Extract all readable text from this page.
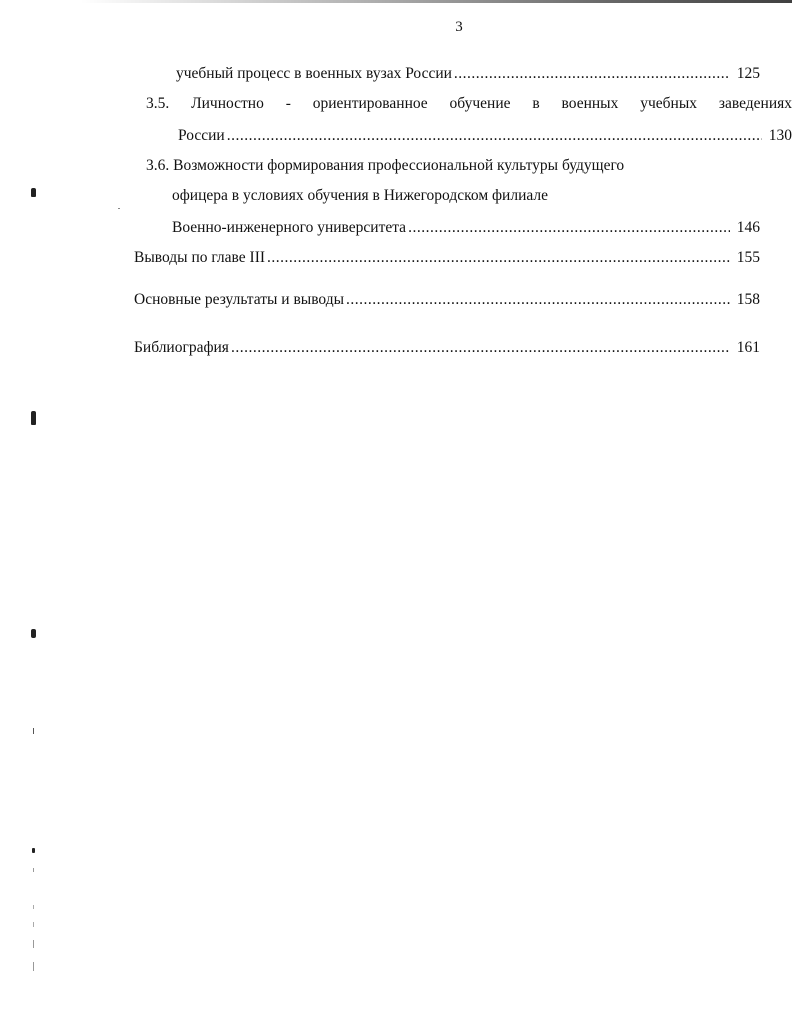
3
учебный процесс в военных вузах России .....	125
3.5. Личностно - ориентированное обучение в военных учебных заведениях
России .....	130
3.6. Возможности формирования профессиональной культуры будущего
офицера в условиях обучения в Нижегородском филиале
Военно-инженерного университета .....	146
Выводы по главе III .....	155
Основные результаты и выводы .....	158
Библиография .....	161
